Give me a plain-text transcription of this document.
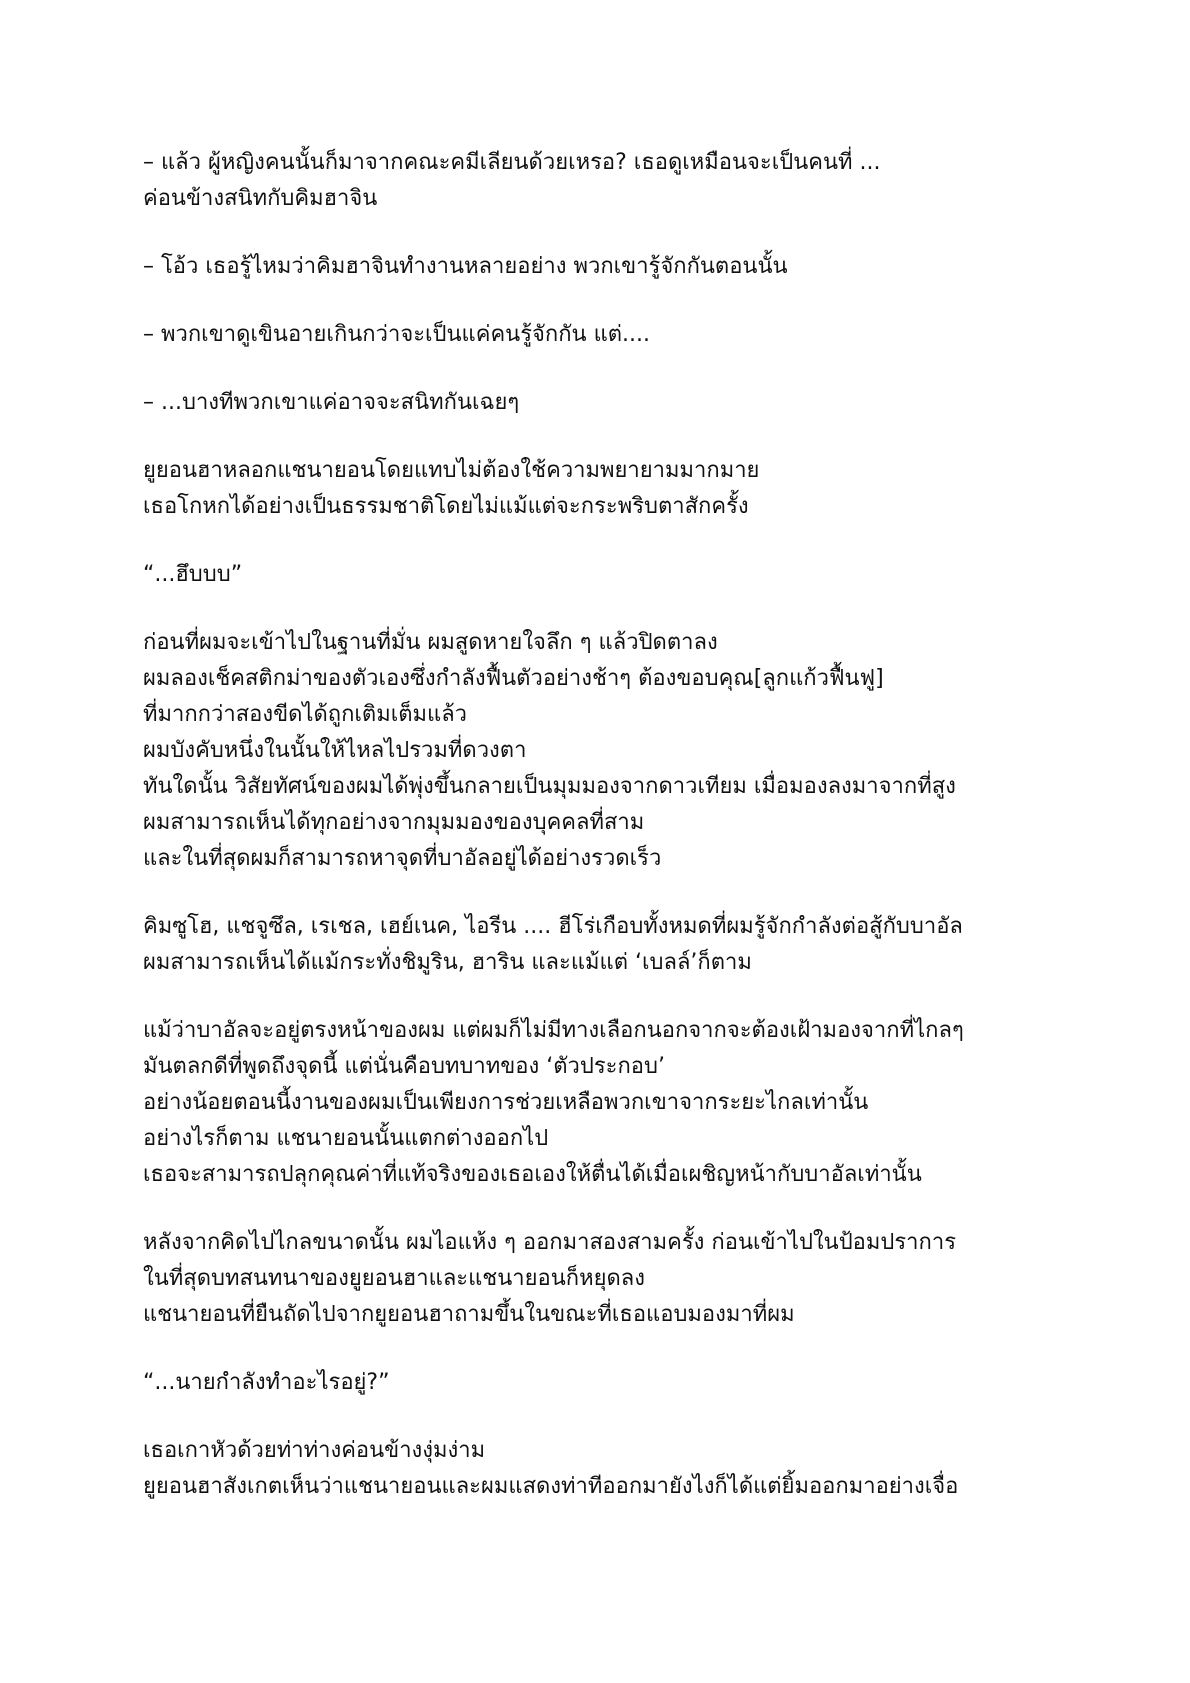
– แล้ว ผู้หญิงคนนั้นก็มาจากคณะคมีเลียนด้วยเหรอ? เธอดูเหมือนจะเป็นคนที่ ...
ค่อนข้างสนิทกับคิมฮาจิน
– โอ้ว เธอรู้ไหมว่าคิมฮาจินทำงานหลายอย่าง พวกเขารู้จักกันตอนนั้น
– พวกเขาดูเขินอายเกินกว่าจะเป็นแค่คนรู้จักกัน แต่....
– ...บางทีพวกเขาแค่อาจจะสนิทกันเฉยๆ
ยูยอนฮาหลอกแชนายอนโดยแทบไม่ต้องใช้ความพยายามมากมาย
เธอโกหกได้อย่างเป็นธรรมชาติโดยไม่แม้แต่จะกระพริบตาสักครั้ง
“...ฮึบบบ”
ก่อนที่ผมจะเข้าไปในฐานที่มั่น ผมสูดหายใจลึก ๆ แล้วปิดตาลง
ผมลองเช็คสติกม่าของตัวเองซึ่งกำลังฟื้นตัวอย่างช้าๆ ต้องขอบคุณ[ลูกแก้วฟื้นฟู]
ที่มากกว่าสองขีดได้ถูกเติมเต็มแล้ว
ผมบังคับหนึ่งในนั้นให้ไหลไปรวมที่ดวงตา
ทันใดนั้น วิสัยทัศน์ของผมได้พุ่งขึ้นกลายเป็นมุมมองจากดาวเทียม เมื่อมองลงมาจากที่สูง
ผมสามารถเห็นได้ทุกอย่างจากมุมมองของบุคคลที่สาม
และในที่สุดผมก็สามารถหาจุดที่บาอัลอยู่ได้อย่างรวดเร็ว
คิมซูโฮ, แชจูซึล, เรเชล, เฮย์เนค, ไอรีน .... ฮีโร่เกือบทั้งหมดที่ผมรู้จักกำลังต่อสู้กับบาอัล
ผมสามารถเห็นได้แม้กระทั่งชิมูริน, ฮาริน และแม้แต่ ‘เบลล์’ก็ตาม
แม้ว่าบาอัลจะอยู่ตรงหน้าของผม แต่ผมก็ไม่มีทางเลือกนอกจากจะต้องเฝ้ามองจากที่ไกลๆ
มันตลกดีที่พูดถึงจุดนี้ แต่นั่นคือบทบาทของ ‘ตัวประกอบ’
อย่างน้อยตอนนี้งานของผมเป็นเพียงการช่วยเหลือพวกเขาจากระยะไกลเท่านั้น
อย่างไรก็ตาม แชนายอนนั้นแตกต่างออกไป
เธอจะสามารถปลุกคุณค่าที่แท้จริงของเธอเองให้ตื่นได้เมื่อเผชิญหน้ากับบาอัลเท่านั้น
หลังจากคิดไปไกลขนาดนั้น ผมไอแห้ง ๆ ออกมาสองสามครั้ง ก่อนเข้าไปในป้อมปราการ
ในที่สุดบทสนทนาของยูยอนฮาและแชนายอนก็หยุดลง
แชนายอนที่ยืนถัดไปจากยูยอนฮาถามขึ้นในขณะที่เธอแอบมองมาที่ผม
“...นายกำลังทำอะไรอยู่?”
เธอเกาหัวด้วยท่าท่างค่อนข้างงุ่มง่าม
ยูยอนฮาสังเกตเห็นว่าแชนายอนและผมแสดงท่าทีออกมายังไงก็ได้แต่ยิ้มออกมาอย่างเจื่อ
